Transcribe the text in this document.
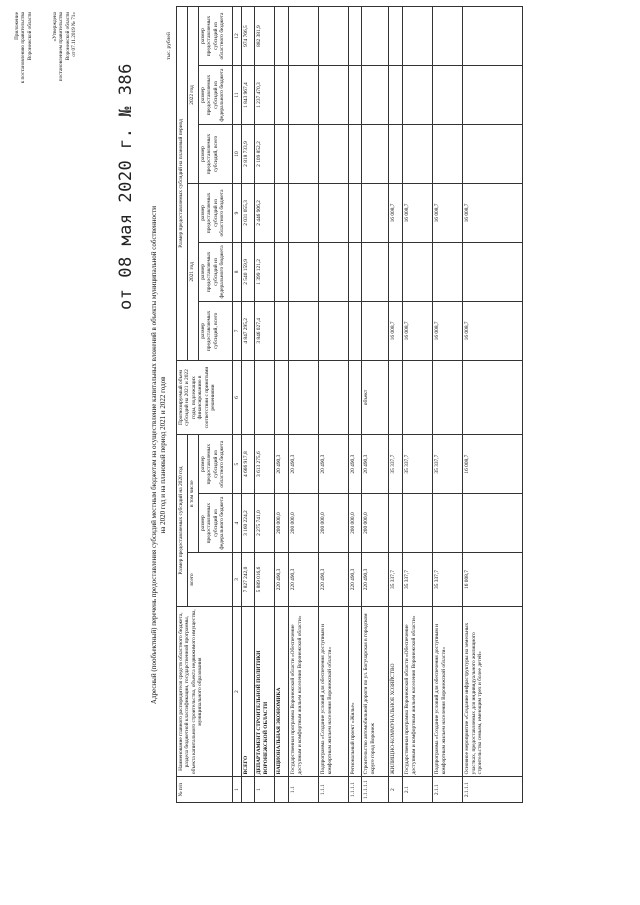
Приложение к постановлению правительства Воронежской области	«Утверждена постановлением правительства Воронежской области от 07.11.2019 № 71»
от 08 мая 2020 г. № 386
Адресный (пообъектный) перечень предоставления субсидий местным бюджетам на осуществление капитальных вложений в объекты муниципальной собственности на 2020 год и на плановый период 2021 и 2022 годов
тыс. рублей
№ п/п	Наименование главного распорядителя средств областного бюджета, раздела бюджетной классификации, государственной программы, объекта капитального строительства, объекта недвижимого имущества, муниципального образования	Размер предоставляемых субсидий на 2020 год			Прогнозируемый объем субсидий на 2021 и 2022 годы, подлежащих финансированию в соответствии с принятыми решениями	Размер предоставляемых субсидий на плановый период					
		всего	в том числе			2021 год			2022 год		
			размер предоставляемых субсидий из федерального бюджета	размер предоставляемых субсидий из областного бюджета		размер предоставляемых субсидий, всего	размер предоставляемых субсидий из федерального бюджета	размер предоставляемых субсидий из областного бюджета	размер предоставляемых субсидий, всего	размер предоставляемых субсидий из федерального бюджета	размер предоставляемых субсидий из областного бюджета
1	2	3	4	5	6	7	8	9	10	11	12
	ВСЕГО	7 827 242,0	3 160 224,2	4 666 917,8		4 847 295,2	2 540 159,9	2 031 055,3	2 818 733,9	1 843 967,4	974 766,5
1	ДЕПАРТАМЕНТ СТРОИТЕЛЬНОЙ ПОЛИТИКИ ВОРОНЕЖСКОЙ ОБЛАСТИ	5 889 016,6	2 275 741,0	3 613 275,6		3 846 027,4	1 399 121,2	2 446 906,2	2 109 852,2	1 237 470,3	882 381,9
	НАЦИОНАЛЬНАЯ ЭКОНОМИКА	220 490,3	200 000,0	20 490,3							
1.1	Государственная программа Воронежской области «Обеспечение доступным и комфортным жильем населения Воронежской области»	220 490,3	200 000,0	20 490,3							
1.1.1	Подпрограмма «Создание условий для обеспечения доступным и комфортным жильем населения Воронежской области»	220 490,3	200 000,0	20 490,3							
1.1.1.1	Региональный проект «Жилье»	220 490,3	200 000,0	20 490,3							
1.1.1.1.1	Строительство автомобильной дороги по ул. Богучарская в городском округе город Воронеж	220 490,3	200 000,0	20 490,3	объект						
2	ЖИЛИЩНО-КОММУНАЛЬНОЕ ХОЗЯЙСТВО	35 337,7		35 337,7		16 008,7		16 008,7			
2.1	Государственная программа Воронежской области «Обеспечение доступным и комфортным жильем населения Воронежской области»	35 337,7		35 337,7		16 008,7		16 008,7			
2.1.1	Подпрограмма «Создание условий для обеспечения доступным и комфортным жильем населения Воронежской области»	35 337,7		35 337,7		16 008,7		16 008,7			
2.1.1.1	Основное мероприятие «Создание инфраструктуры на земельных участках, предоставляемых для индивидуального жилищного строительства семьям, имеющим трех и более детей»	16 008,7		16 008,7		16 008,7		16 008,7			
